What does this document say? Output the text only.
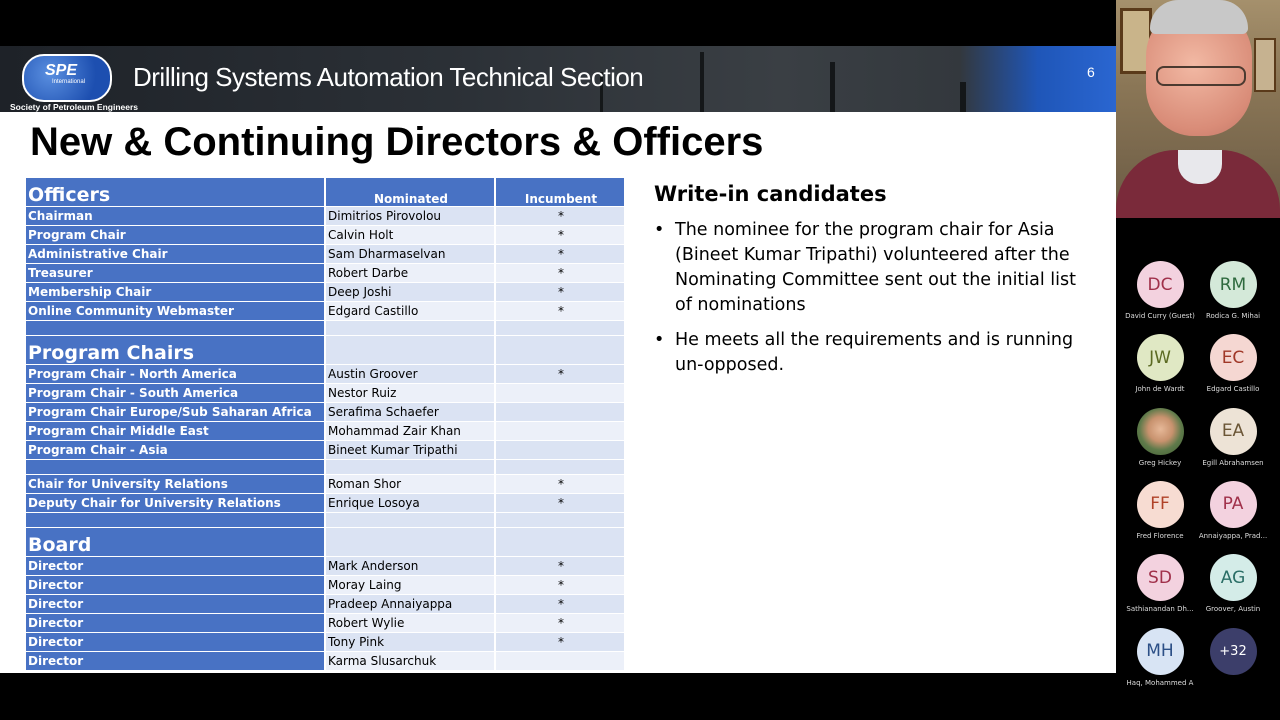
SPE
International
Society of Petroleum Engineers
Drilling Systems Automation Technical Section	6
New & Continuing Directors & Officers
Officers	Nominated	Incumbent
Chairman	Dimitrios Pirovolou	*
Program Chair	Calvin Holt	*
Administrative Chair	Sam Dharmaselvan	*
Treasurer	Robert Darbe	*
Membership Chair	Deep Joshi	*
Online Community Webmaster	Edgard Castillo	*

Program Chairs		
Program Chair - North America	Austin Groover	*
Program Chair - South America	Nestor Ruiz	
Program Chair Europe/Sub Saharan Africa	Serafima Schaefer	
Program Chair Middle East	Mohammad Zair Khan	
Program Chair - Asia	Bineet Kumar Tripathi	

Chair for University Relations	Roman Shor	*
Deputy Chair for University Relations	Enrique Losoya	*

Board		
Director	Mark Anderson	*
Director	Moray Laing	*
Director	Pradeep Annaiyappa	*
Director	Robert Wylie	*
Director	Tony Pink	*
Director	Karma Slusarchuk	
Write-in candidates
• The nominee for the program chair for Asia (Bineet Kumar Tripathi) volunteered after the Nominating Committee sent out the initial list of nominations
• He meets all the requirements and is running un-opposed.
DC
David Curry (Guest)
RM
Rodica G. Mihai
JW
John de Wardt
EC
Edgard Castillo
Greg Hickey
EA
Egill Abrahamsen
FF
Fred Florence
PA
Annaiyappa, Prad...
SD
Sathianandan Dh...
AG
Groover, Austin
MH
Haq, Mohammed A
+32
